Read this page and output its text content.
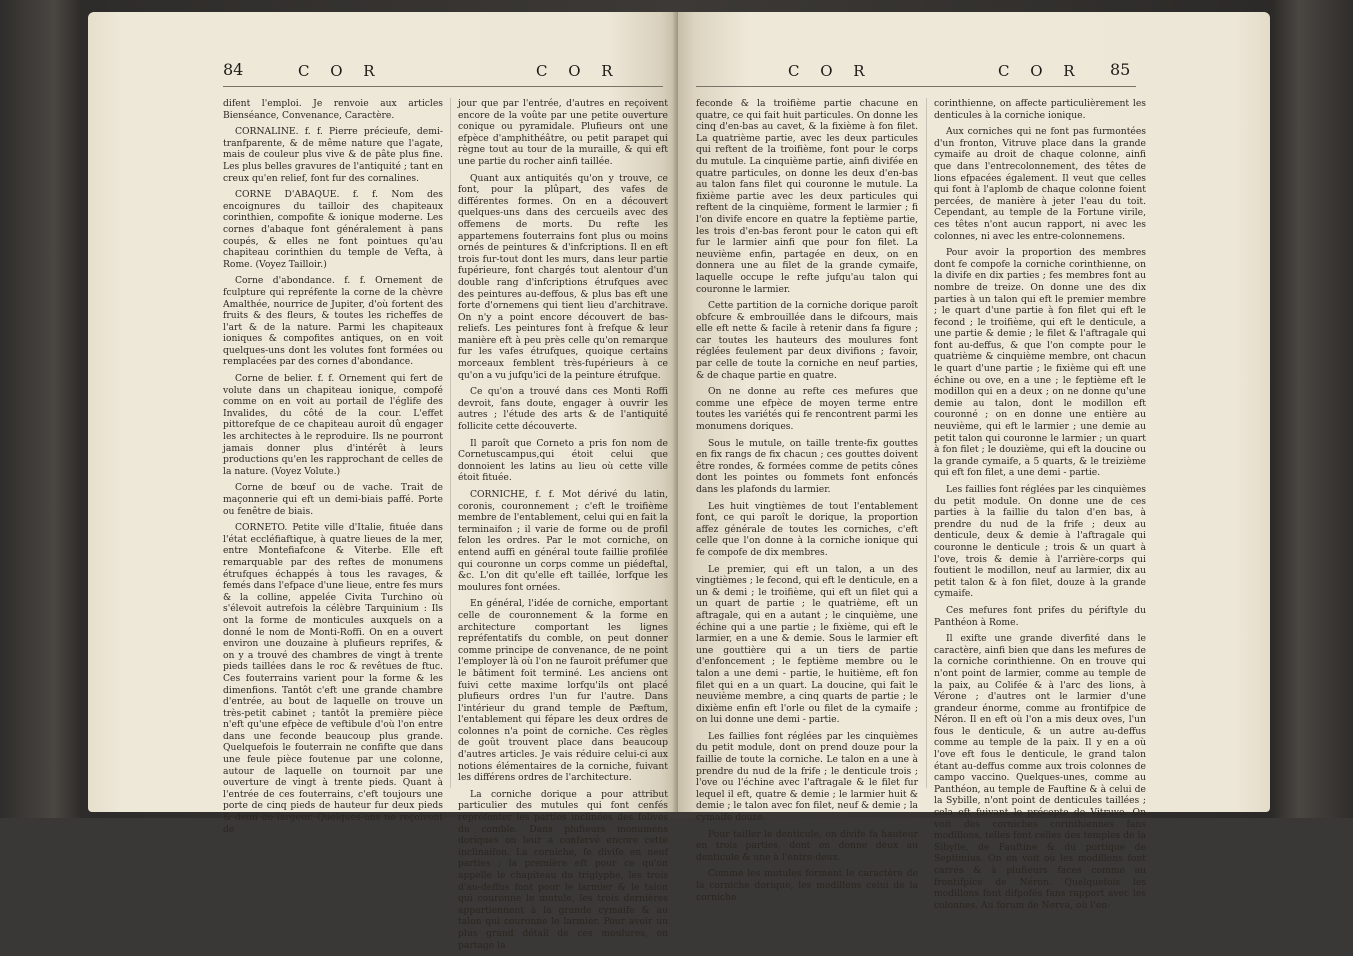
84	C O R	C O R

difent l'emploi. Je renvoie aux articles Bienséance, Convenance, Caractère.

CORNALINE. f. f. Pierre précieufe, demi-tranfparente, & de même nature que l'agate, mais de couleur plus vive & de pâte plus fine. Les plus belles gravures de l'antiquité ; tant en creux qu'en relief, font fur des cornalines.

CORNE D'ABAQUE. f. f. Nom des encoignures du tailloir des chapiteaux corinthien, compofite & ionique moderne. Les cornes d'abaque font généralement à pans coupés, & elles ne font pointues qu'au chapiteau corinthien du temple de Vefta, à Rome. (Voyez Tailloir.)

Corne d'abondance. f. f. Ornement de fculpture qui repréfente la corne de la chèvre Amalthée, nourrice de Jupiter, d'où fortent des fruits & des fleurs, & toutes les richeffes de l'art & de la nature. Parmi les chapiteaux ioniques & compofites antiques, on en voit quelques-uns dont les volutes font formées ou remplacées par des cornes d'abondance.

Corne de belier. f. f. Ornement qui fert de volute dans un chapiteau ionique, compofé comme on en voit au portail de l'églife des Invalides, du côté de la cour. L'effet pittorefque de ce chapiteau auroit dû engager les architectes à le reproduire. Ils ne pourront jamais donner plus d'intérêt à leurs productions qu'en les rapprochant de celles de la nature. (Voyez Volute.)

Corne de bœuf ou de vache. Trait de maçonnerie qui eft un demi-biais paffé. Porte ou fenêtre de biais.

CORNETO. Petite ville d'Italie, fituée dans l'état eccléfiaftique, à quatre lieues de la mer, entre Montefiafcone & Viterbe. Elle eft remarquable par des reftes de monumens étrufques échappés à tous les ravages, & femés dans l'efpace d'une lieue, entre fes murs & la colline, appelée Civita Turchino où s'élevoit autrefois la célèbre Tarquinium : Ils ont la forme de monticules auxquels on a donné le nom de Monti-Roffi. On en a ouvert environ une douzaine à plufieurs reprifes, & on y a trouvé des chambres de vingt à trente pieds taillées dans le roc & revêtues de ftuc. Ces fouterrains varient pour la forme & les dimenfions. Tantôt c'eft une grande chambre d'entrée, au bout de laquelle on trouve un très-petit cabinet ; tantôt la première pièce n'eft qu'une efpèce de veftibule d'où l'on entre dans une feconde beaucoup plus grande. Quelquefois le fouterrain ne confifte que dans une feule pièce foutenue par une colonne, autour de laquelle on tournoit par une ouverture de vingt à trente pieds. Quant à l'entrée de ces fouterrains, c'eft toujours une porte de cinq pieds de hauteur fur deux pieds & demi de largeur. Quelques-uns ne reçoivent de

jour que par l'entrée, d'autres en reçoivent encore de la voûte par une petite ouverture conique ou pyramidale. Plufieurs ont une efpèce d'amphithéâtre, ou petit parapet qui règne tout au tour de la muraille, & qui eft une partie du rocher ainfi taillée.

Quant aux antiquités qu'on y trouve, ce font, pour la plûpart, des vafes de différentes formes. On en a découvert quelques-uns dans des cercueils avec des offemens de morts. Du refte les appartemens fouterrains font plus ou moins ornés de peintures & d'infcriptions. Il en eft trois fur-tout dont les murs, dans leur partie fupérieure, font chargés tout alentour d'un double rang d'infcriptions étrufques avec des peintures au-deffous, & plus bas eft une forte d'ornemens qui tient lieu d'architrave. On n'y a point encore découvert de bas-reliefs. Les peintures font à frefque & leur manière eft à peu près celle qu'on remarque fur les vafes étrufques, quoique certains morceaux femblent très-fupérieurs à ce qu'on a vu jufqu'ici de la peinture étrufque.

Ce qu'on a trouvé dans ces Monti Roffi devroit, fans doute, engager à ouvrir les autres ; l'étude des arts & de l'antiquité follicite cette découverte.

Il paroît que Corneto a pris fon nom de Cornetuscampus,qui étoit celui que donnoient les latins au lieu où cette ville étoit fituée.

CORNICHE, f. f. Mot dérivé du latin, coronis, couronnement ; c'eft le troifième membre de l'entablement, celui qui en fait la terminaifon ; il varie de forme ou de profil felon les ordres. Par le mot corniche, on entend auffi en général toute faillie profilée qui couronne un corps comme un piédeftal, &c. L'on dit qu'elle eft taillée, lorfque les moulures font ornées.

En général, l'idée de corniche, emportant celle de couronnement & la forme en architecture comportant les lignes repréfentatifs du comble, on peut donner comme principe de convenance, de ne point l'employer là où l'on ne fauroit préfumer que le bâtiment foit terminé. Les anciens ont fuivi cette maxime lorfqu'ils ont placé plufieurs ordres l'un fur l'autre. Dans l'intérieur du grand temple de Pæftum, l'entablement qui fépare les deux ordres de colonnes n'a point de corniche. Ces règles de goût trouvent place dans beaucoup d'autres articles. Je vais réduire celui-ci aux notions élémentaires de la corniche, fuivant les différens ordres de l'architecture.

La corniche dorique a pour attribut particulier des mutules qui font cenfés repréfenter les parties inclinées des folives du comble. Dans plufieurs monumens doriques on leur a confervé encore cette inclinaifon. La corniche, fe divife en neuf parties ; la première eft pour ce qu'on appelle le chapiteau du triglyphe, les trois d'au-deffus font pour le larmier & le talon qui couronne le mutule, les trois dernières appartiennent à la grande cymaife & au talon qui couronne le larmier. Pour avoir un plus grand détail de ces moulures, on partage la

C O R	C O R 85

feconde & la troifième partie chacune en quatre, ce qui fait huit particules. On donne les cinq d'en-bas au cavet, & la fixième à fon filet. La quatrième partie, avec les deux particules qui reftent de la troifième, font pour le corps du mutule. La cinquième partie, ainfi divifée en quatre particules, on donne les deux d'en-bas au talon fans filet qui couronne le mutule. La fixième partie avec les deux particules qui reftent de la cinquième, forment le larmier ; fi l'on divife encore en quatre la feptième partie, les trois d'en-bas feront pour le caton qui eft fur le larmier ainfi que pour fon filet. La neuvième enfin, partagée en deux, on en donnera une au filet de la grande cymaife, laquelle occupe le refte jufqu'au talon qui couronne le larmier.

Cette partition de la corniche dorique paroît obfcure & embrouillée dans le difcours, mais elle eft nette & facile à retenir dans fa figure ; car toutes les hauteurs des moulures font réglées feulement par deux divifions ; favoir, par celle de toute la corniche en neuf parties, & de chaque partie en quatre.

On ne donne au refte ces mefures que comme une efpèce de moyen terme entre toutes les variétés qui fe rencontrent parmi les monumens doriques.

Sous le mutule, on taille trente-fix gouttes en fix rangs de fix chacun ; ces gouttes doivent être rondes, & formées comme de petits cônes dont les pointes ou fommets font enfoncés dans les plafonds du larmier.

Les huit vingtièmes de tout l'entablement font, ce qui paroît le dorique, la proportion affez générale de toutes les corniches, c'eft celle que l'on donne à la corniche ionique qui fe compofe de dix membres.

Le premier, qui eft un talon, a un des vingtièmes ; le fecond, qui eft le denticule, en a un & demi ; le troifième, qui eft un filet qui a un quart de partie ; le quatrième, eft un aftragale, qui en a autant ; le cinquième, une échine qui a une partie ; le fixième, qui eft le larmier, en a une & demie. Sous le larmier eft une gouttière qui a un tiers de partie d'enfoncement ; le feptième membre ou le talon a une demi - partie, le huitième, eft fon filet qui en a un quart. La doucine, qui fait le neuvième membre, a cinq quarts de partie ; le dixième enfin eft l'orle ou filet de la cymaife ; on lui donne une demi - partie.

Les faillies font réglées par les cinquièmes du petit module, dont on prend douze pour la faillie de toute la corniche. Le talon en a une à prendre du nud de la frife ; le denticule trois ; l'ove ou l'échine avec l'aftragale & le filet fur lequel il eft, quatre & demie ; le larmier huit & demie ; le talon avec fon filet, neuf & demie ; la cymaife douze.

Pour tailler le denticule, on divife fa hauteur en trois parties, dont on donne deux au denticule & une à l'entre-deux.

Comme les mutules forment le caractère de la corniche dorique, les modillons celui de la corniche

corinthienne, on affecte particulièrement les denticules à la corniche ionique.

Aux corniches qui ne font pas furmontées d'un fronton, Vitruve place dans la grande cymaife au droit de chaque colonne, ainfi que dans l'entrecolonnement, des têtes de lions efpacées également. Il veut que celles qui font à l'aplomb de chaque colonne foient percées, de manière à jeter l'eau du toit. Cependant, au temple de la Fortune virile, ces têtes n'ont aucun rapport, ni avec les colonnes, ni avec les entre-colonnemens.

Pour avoir la proportion des membres dont fe compofe la corniche corinthienne, on la divife en dix parties ; fes membres font au nombre de treize. On donne une des dix parties à un talon qui eft le premier membre ; le quart d'une partie à fon filet qui eft le fecond ; le troifième, qui eft le denticule, a une partie & demie ; le filet & l'aftragale qui font au-deffus, & que l'on compte pour le quatrième & cinquième membre, ont chacun le quart d'une partie ; le fixième qui eft une échine ou ove, en a une ; le feptième eft le modillon qui en a deux ; on ne donne qu'une demie au talon, dont le modillon eft couronné ; on en donne une entière au neuvième, qui eft le larmier ; une demie au petit talon qui couronne le larmier ; un quart à fon filet ; le douzième, qui eft la doucine ou la grande cymaife, a 5 quarts, & le treizième qui eft fon filet, a une demi - partie.

Les faillies font réglées par les cinquièmes du petit module. On donne une de ces parties à la faillie du talon d'en bas, à prendre du nud de la frife ; deux au denticule, deux & demie à l'aftragale qui couronne le denticule ; trois & un quart à l'ove, trois & demie à l'arrière-corps qui foutient le modillon, neuf au larmier, dix au petit talon & à fon filet, douze à la grande cymaife.

Ces mefures font prifes du périftyle du Panthéon à Rome.

Il exifte une grande diverfité dans le caractère, ainfi bien que dans les mefures de la corniche corinthienne. On en trouve qui n'ont point de larmier, comme au temple de la paix, au Colifée & à l'arc des lions, à Vérone ; d'autres ont le larmier d'une grandeur énorme, comme au frontifpice de Néron. Il en eft où l'on a mis deux oves, l'un fous le denticule, & un autre au-deffus comme au temple de la paix. Il y en a où l'ove eft fous le denticule, le grand talon étant au-deffus comme aux trois colonnes de campo vaccino. Quelques-unes, comme au Panthéon, au temple de Fauftine & à celui de la Sybille, n'ont point de denticules taillées ; cela eft fuivant le précepte de Vitruve. On voit des corniches corinthiennes fans modillons, telles font celles des temples de la Sibylle, de Fauftine & du portique de Septimius. On en voit où les modillons font carrés & à plufieurs faces comme au frontifpice de Néron. Quelquefois les modillons font difpofés fans rapport avec les colonnes. Au forum de Nerva, où l'en-
